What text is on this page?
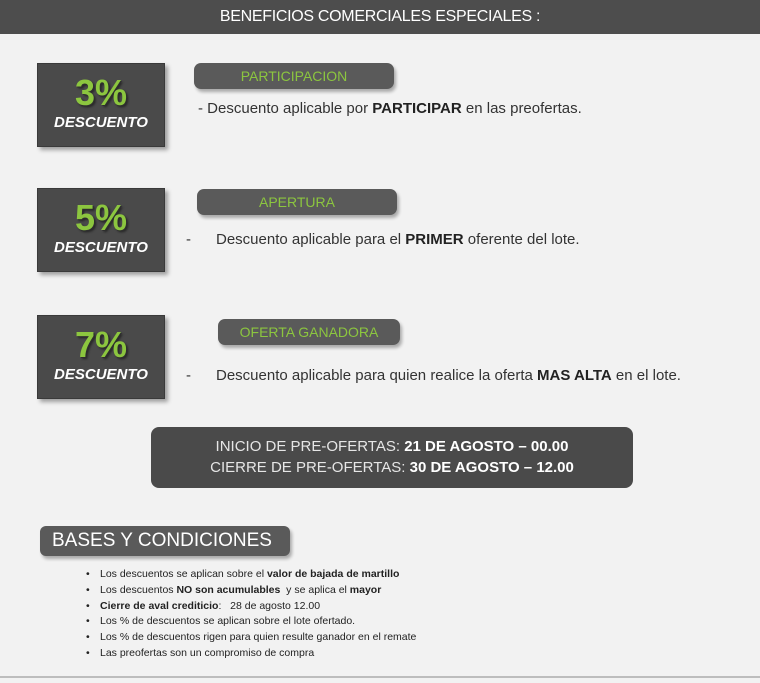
BENEFICIOS COMERCIALES ESPECIALES :
3%
DESCUENTO
PARTICIPACION
- Descuento aplicable por PARTICIPAR en las preofertas.
5%
DESCUENTO
APERTURA
- Descuento aplicable para el PRIMER oferente del lote.
7%
DESCUENTO
OFERTA GANADORA
- Descuento aplicable para quien realice la oferta MAS ALTA en el lote.
INICIO DE PRE-OFERTAS: 21 DE AGOSTO – 00.00
CIERRE DE PRE-OFERTAS: 30 DE AGOSTO – 12.00
BASES Y CONDICIONES
• Los descuentos se aplican sobre el valor de bajada de martillo
• Los descuentos NO son acumulables  y se aplica el mayor
• Cierre de aval crediticio:   28 de agosto 12.00
• Los % de descuentos se aplican sobre el lote ofertado.
• Los % de descuentos rigen para quien resulte ganador en el remate
• Las preofertas son un compromiso de compra
